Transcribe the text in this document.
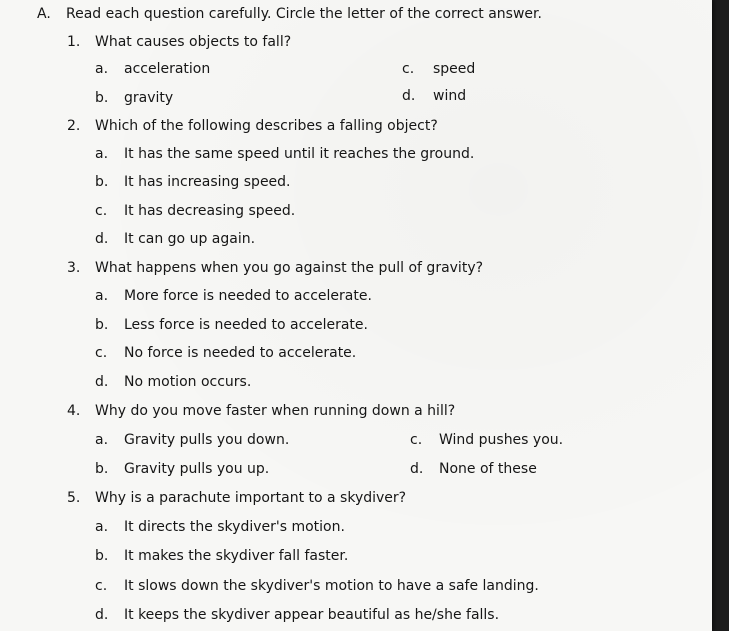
A. Read each question carefully. Circle the letter of the correct answer.
1. What causes objects to fall?
a. acceleration
b. gravity
c. speed
d. wind
2. Which of the following describes a falling object?
a. It has the same speed until it reaches the ground.
b. It has increasing speed.
c. It has decreasing speed.
d. It can go up again.
3. What happens when you go against the pull of gravity?
a. More force is needed to accelerate.
b. Less force is needed to accelerate.
c. No force is needed to accelerate.
d. No motion occurs.
4. Why do you move faster when running down a hill?
a. Gravity pulls you down.
b. Gravity pulls you up.
c. Wind pushes you.
d. None of these
5. Why is a parachute important to a skydiver?
a. It directs the skydiver's motion.
b. It makes the skydiver fall faster.
c. It slows down the skydiver's motion to have a safe landing.
d. It keeps the skydiver appear beautiful as he/she falls.
